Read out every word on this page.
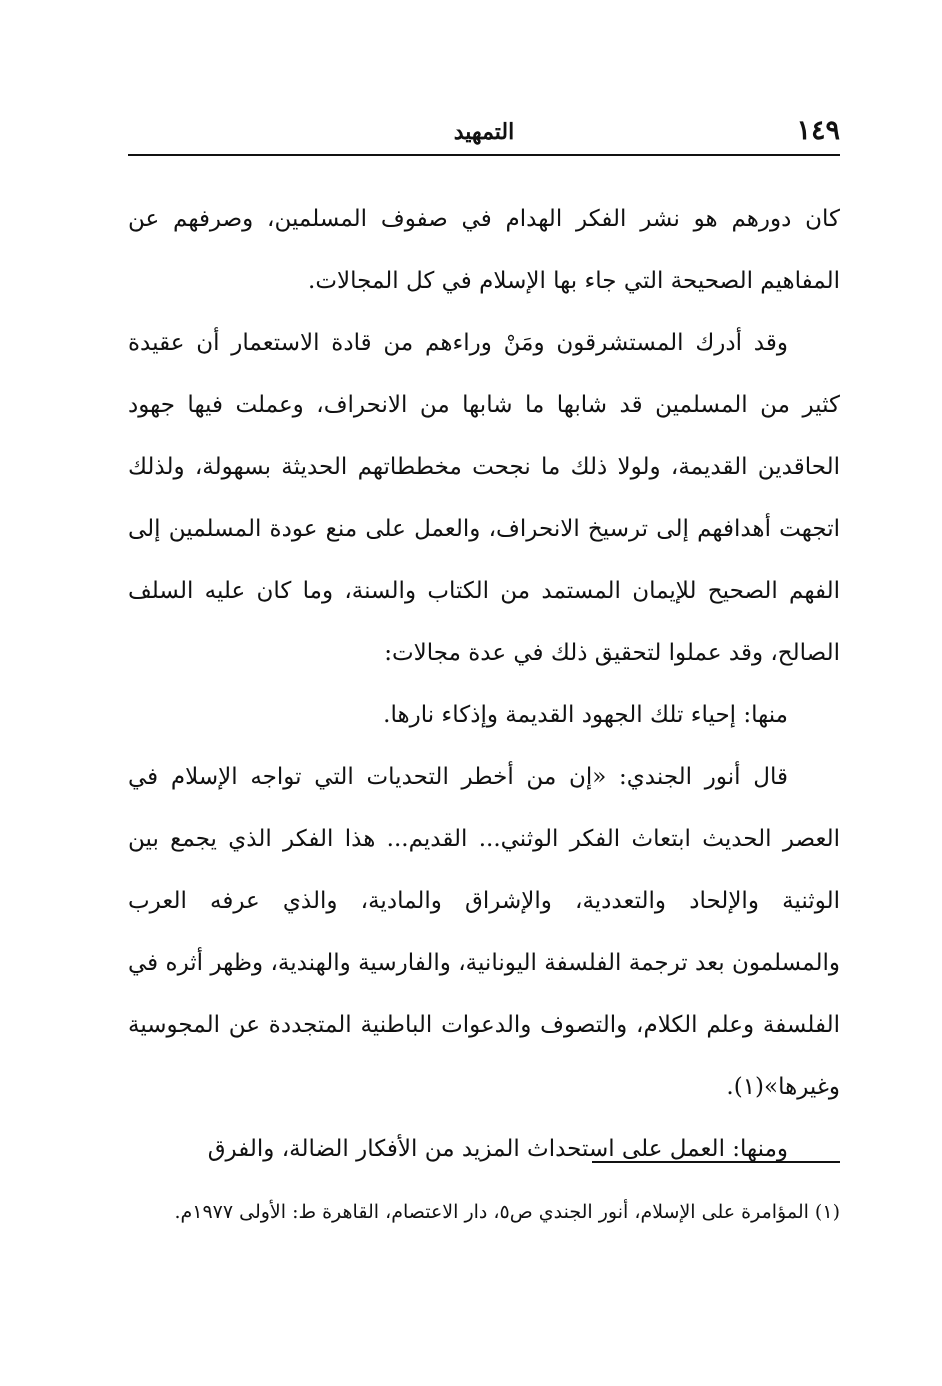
١٤٩
التمهيد

كان دورهم هو نشر الفكر الهدام في صفوف المسلمين، وصرفهم عن المفاهيم الصحيحة التي جاء بها الإسلام في كل المجالات.

وقد أدرك المستشرقون ومَنْ وراءهم من قادة الاستعمار أن عقيدة كثير من المسلمين قد شابها ما شابها من الانحراف، وعملت فيها جهود الحاقدين القديمة، ولولا ذلك ما نجحت مخططاتهم الحديثة بسهولة، ولذلك اتجهت أهدافهم إلى ترسيخ الانحراف، والعمل على منع عودة المسلمين إلى الفهم الصحيح للإيمان المستمد من الكتاب والسنة، وما كان عليه السلف الصالح، وقد عملوا لتحقيق ذلك في عدة مجالات:

منها: إحياء تلك الجهود القديمة وإذكاء نارها.

قال أنور الجندي: «إن من أخطر التحديات التي تواجه الإسلام في العصر الحديث ابتعاث الفكر الوثني... القديم... هذا الفكر الذي يجمع بين الوثنية والإلحاد والتعددية، والإشراق والمادية، والذي عرفه العرب والمسلمون بعد ترجمة الفلسفة اليونانية، والفارسية والهندية، وظهر أثره في الفلسفة وعلم الكلام، والتصوف والدعوات الباطنية المتجددة عن المجوسية وغيرها»(١).

ومنها: العمل على استحداث المزيد من الأفكار الضالة، والفرق

(١) المؤامرة على الإسلام، أنور الجندي ص٥، دار الاعتصام، القاهرة ط: الأولى ١٩٧٧م.
